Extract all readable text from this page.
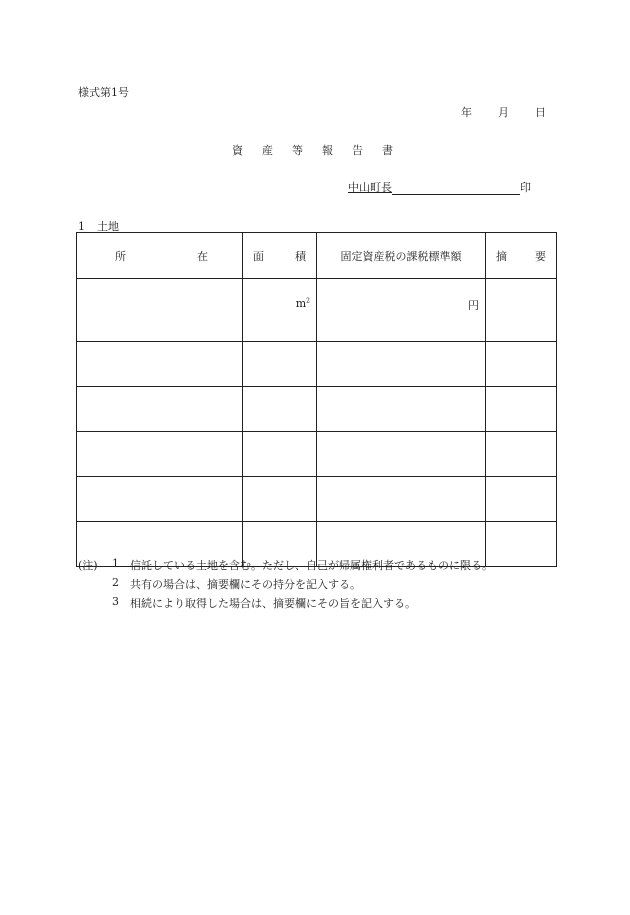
様式第1号
年 月 日
資 産 等 報 告 書
中山町長	印
1 土地
所 在	面 積	固定資産税の課税標準額	摘 要

	$m^2$	円	

(注)	1	信託している土地を含む。ただし、自己が帰属権利者であるものに限る。
2	共有の場合は、摘要欄にその持分を記入する。
3	相続により取得した場合は、摘要欄にその旨を記入する。
